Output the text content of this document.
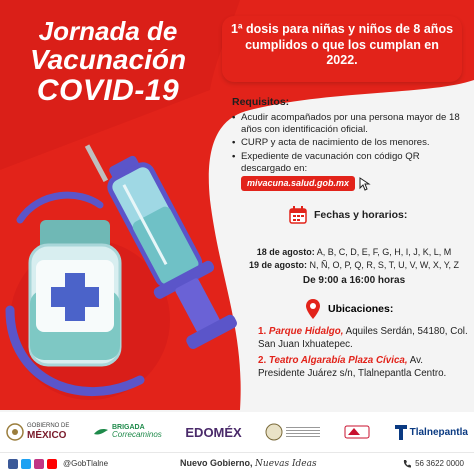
Jornada de
Vacunación
COVID-19
1ª dosis para niñas y niños de 8 años cumplidos o que los cumplan en 2022.
Requisitos:
• Acudir acompañados por una persona mayor de 18 años con identificación oficial.
• CURP y acta de nacimiento de los menores.
• Expediente de vacunación con código QR descargado en:
mivacuna.salud.gob.mx
Fechas y horarios:
18 de agosto: A, B, C, D, E, F, G, H, I, J, K, L, M
19 de agosto: N, Ñ, O, P, Q, R, S, T, U, V, W, X, Y, Z
De 9:00 a 16:00 horas
Ubicaciones:
1. Parque Hidalgo, Aquiles Serdán, 54180, Col. San Juan Ixhuatepec.
2. Teatro Algarabía Plaza Cívica, Av. Presidente Juárez s/n, Tlalnepantla Centro.
GOBIERNO DE
MÉXICO
BRIGADA
Correcaminos EDOMÉX	Tlalnepantla
@GobTlalne	Nuevo Gobierno, Nuevas Ideas	56 3622 0000
